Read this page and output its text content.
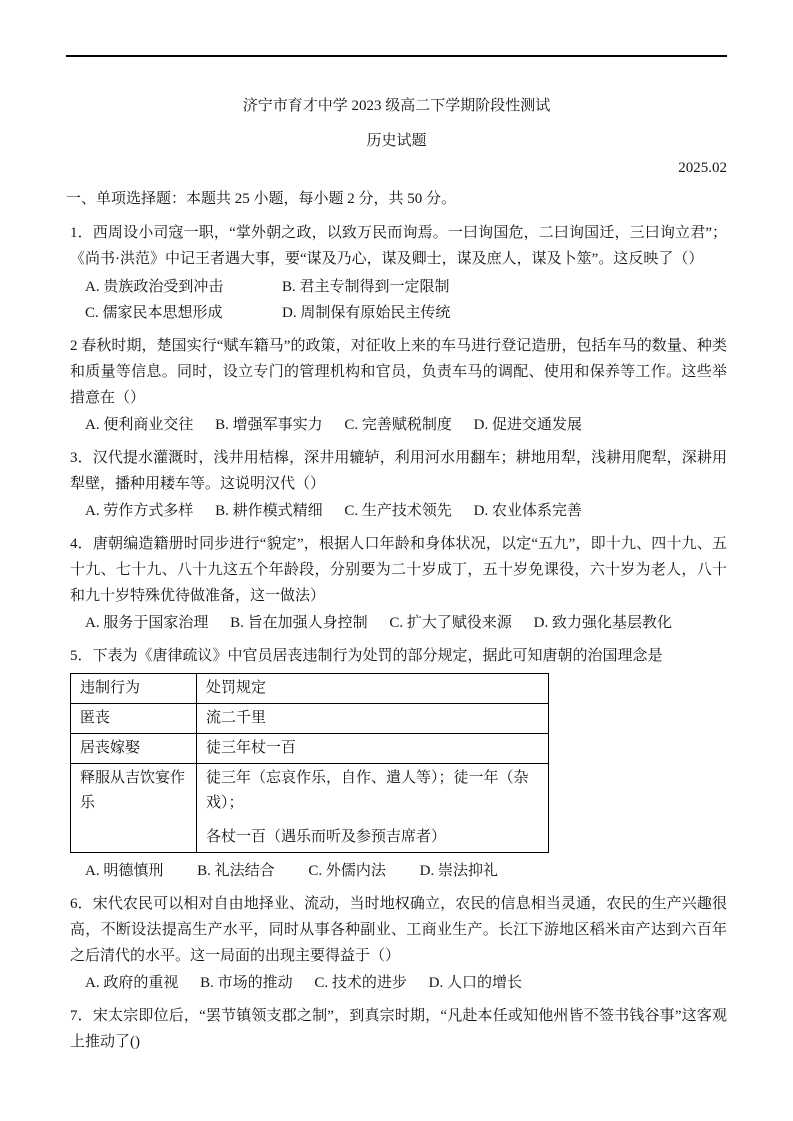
济宁市育才中学 2023 级高二下学期阶段性测试
历史试题
2025.02
一、单项选择题：本题共 25 小题，每小题 2 分，共 50 分。

1．西周设小司寇一职，“掌外朝之政，以致万民而询焉。一曰询国危，二曰询国迁，三曰询立君”；《尚书·洪范》中记王者遇大事，要“谋及乃心，谋及卿士，谋及庶人，谋及卜筮”。这反映了（）

A. 贵族政治受到冲击	B. 君主专制得到一定限制
C. 儒家民本思想形成	D. 周制保有原始民主传统

2 春秋时期，楚国实行“赋车籍马”的政策，对征收上来的车马进行登记造册，包括车马的数量、种类和质量等信息。同时，设立专门的管理机构和官员，负责车马的调配、使用和保养等工作。这些举措意在（）

A. 便利商业交往 B. 增强军事实力 C. 完善赋税制度 D. 促进交通发展

3．汉代提水灌溉时，浅井用桔槔，深井用辘轳，利用河水用翻车；耕地用犁，浅耕用爬犁，深耕用犁壁，播种用耧车等。这说明汉代（）

A. 劳作方式多样 B. 耕作模式精细 C. 生产技术领先 D. 农业体系完善

4．唐朝编造籍册时同步进行“貌定”，根据人口年龄和身体状况，以定“五九”，即十九、四十九、五十九、七十九、八十九这五个年龄段，分别要为二十岁成丁，五十岁免课役，六十岁为老人，八十和九十岁特殊优待做准备，这一做法）

A. 服务于国家治理 B. 旨在加强人身控制 C. 扩大了赋役来源 D. 致力强化基层教化

5．下表为《唐律疏议》中官员居丧违制行为处罚的部分规定，据此可知唐朝的治国理念是

违制行为	处罚规定
匿丧	流二千里
居丧嫁娶	徒三年杖一百
释服从吉饮宴作乐	徒三年（忘哀作乐，自作、遣人等）；徒一年（杂戏）；
各杖一百（遇乐而听及参预吉席者）
A. 明德慎刑 B. 礼法结合 C. 外儒内法 D. 崇法抑礼

6．宋代农民可以相对自由地择业、流动，当时地权确立，农民的信息相当灵通，农民的生产兴趣很高，不断设法提高生产水平，同时从事各种副业、工商业生产。长江下游地区稻米亩产达到六百年之后清代的水平。这一局面的出现主要得益于（）

A. 政府的重视 B. 市场的推动 C. 技术的进步 D. 人口的增长

7．宋太宗即位后，“罢节镇领支郡之制”，到真宗时期，“凡赴本任或知他州皆不签书钱谷事”这客观上推动了()
